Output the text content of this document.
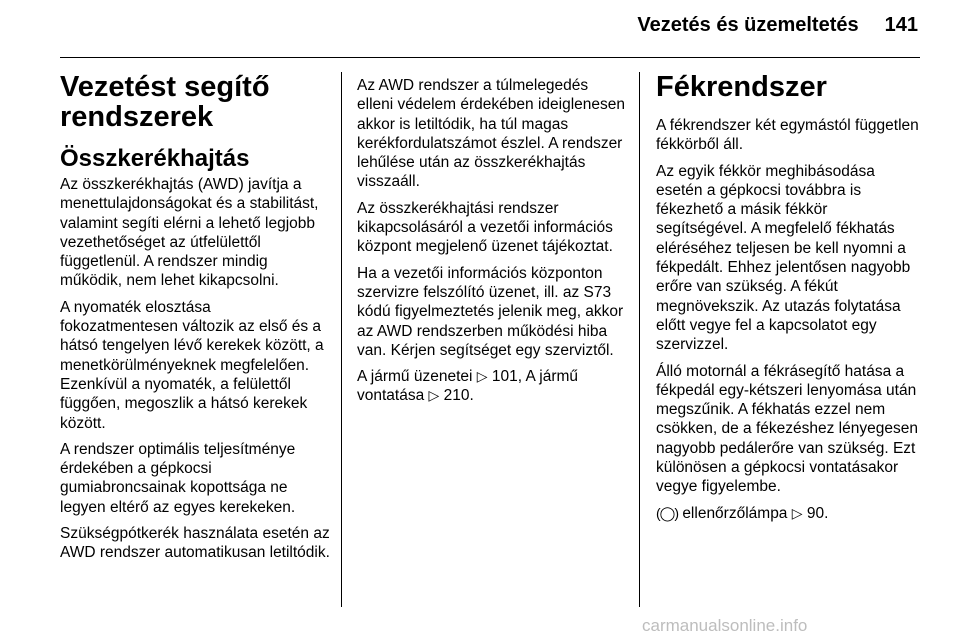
Vezetés és üzemeltetés 141
Vezetést segítő rendszerek
Összkerékhajtás

Az összkerékhajtás (AWD) javítja a menettulajdonságokat és a stabilitást, valamint segíti elérni a lehető legjobb vezethetőséget az útfelülettől függetlenül. A rendszer mindig működik, nem lehet kikapcsolni.

A nyomaték elosztása fokozatmentesen változik az első és a hátsó tengelyen lévő kerekek között, a menetkörülményeknek megfelelően. Ezenkívül a nyomaték, a felülettől függően, megoszlik a hátsó kerekek között.

A rendszer optimális teljesítménye érdekében a gépkocsi gumiabroncsainak kopottsága ne legyen eltérő az egyes kerekeken.

Szükségpótkerék használata esetén az AWD rendszer automatikusan letiltódik.

Az AWD rendszer a túlmelegedés elleni védelem érdekében ideiglenesen akkor is letiltódik, ha túl magas kerékfordulatszámot észlel. A rendszer lehűlése után az összkerékhajtás visszaáll.

Az összkerékhajtási rendszer kikapcsolásáról a vezetői információs központ megjelenő üzenet tájékoztat.

Ha a vezetői információs központon szervizre felszólító üzenet, ill. az S73 kódú figyelmeztetés jelenik meg, akkor az AWD rendszerben működési hiba van. Kérjen segítséget egy szerviztől.

A jármű üzenetei ▷ 101, A jármű vontatása ▷ 210.

Fékrendszer

A fékrendszer két egymástól független fékkörből áll.

Az egyik fékkör meghibásodása esetén a gépkocsi továbbra is fékezhető a másik fékkör segítségével. A megfelelő fékhatás eléréséhez teljesen be kell nyomni a fékpedált. Ehhez jelentősen nagyobb erőre van szükség. A fékút megnövekszik. Az utazás folytatása előtt vegye fel a kapcsolatot egy szervizzel.

Álló motornál a fékrásegítő hatása a fékpedál egy-kétszeri lenyomása után megszűnik. A fékhatás ezzel nem csökken, de a fékezéshez lényegesen nagyobb pedálerőre van szükség. Ezt különösen a gépkocsi vontatásakor vegye figyelembe.

(◯) ellenőrzőlámpa ▷ 90.

carmanualsonline.info
